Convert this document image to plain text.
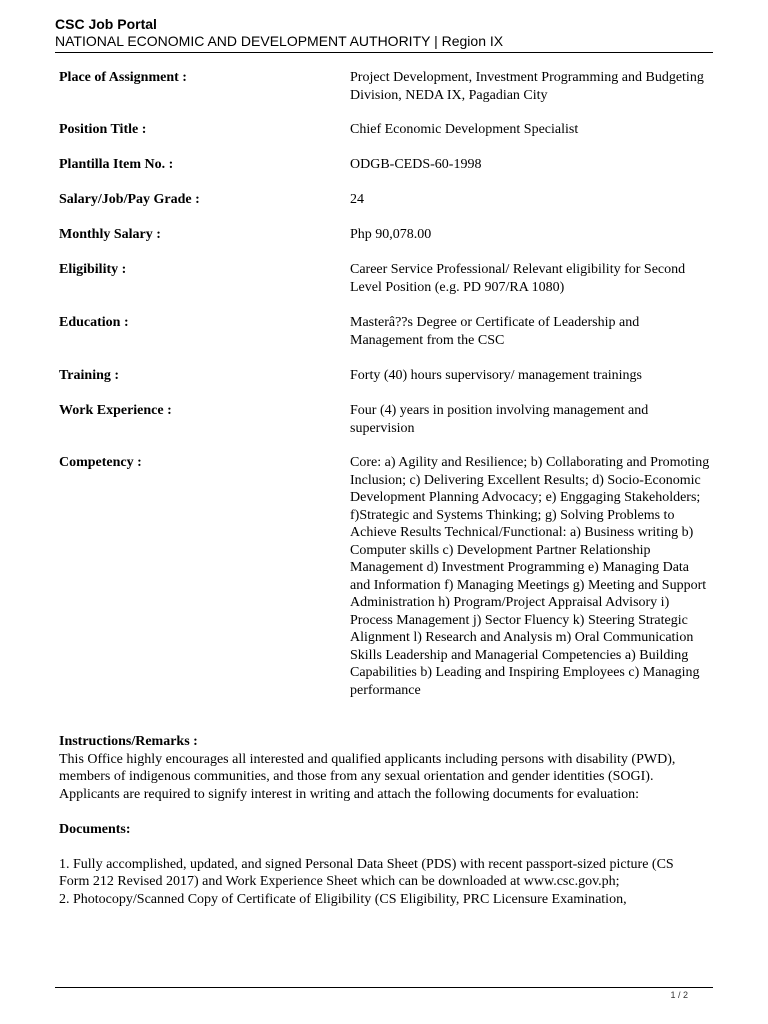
CSC Job Portal

NATIONAL ECONOMIC AND DEVELOPMENT AUTHORITY | Region IX

Place of Assignment :	Project Development, Investment Programming and Budgeting Division, NEDA IX, Pagadian City
Position Title :	Chief Economic Development Specialist
Plantilla Item No. :	ODGB-CEDS-60-1998
Salary/Job/Pay Grade :	24
Monthly Salary :	Php 90,078.00
Eligibility :	Career Service Professional/ Relevant eligibility for Second Level Position (e.g. PD 907/RA 1080)
Education :	Masterâ??s Degree or Certificate of Leadership and Management from the CSC
Training :	Forty (40) hours supervisory/ management trainings
Work Experience :	Four (4) years in position involving management and supervision
Competency :	Core: a) Agility and Resilience; b) Collaborating and Promoting Inclusion; c) Delivering Excellent Results; d) Socio-Economic Development Planning Advocacy; e) Enggaging Stakeholders; f)Strategic and Systems Thinking; g) Solving Problems to Achieve Results Technical/Functional: a) Business writing b) Computer skills c) Development Partner Relationship Management d) Investment Programming e) Managing Data and Information f) Managing Meetings g) Meeting and Support Administration h) Program/Project Appraisal Advisory i) Process Management j) Sector Fluency k) Steering Strategic Alignment l) Research and Analysis m) Oral Communication Skills Leadership and Managerial Competencies a) Building Capabilities b) Leading and Inspiring Employees c) Managing performance

Instructions/Remarks :

This Office highly encourages all interested and qualified applicants including persons with disability (PWD), members of indigenous communities, and those from any sexual orientation and gender identities (SOGI). Applicants are required to signify interest in writing and attach the following documents for evaluation:

Documents:

1. Fully accomplished, updated, and signed Personal Data Sheet (PDS) with recent passport-sized picture (CS Form 212 Revised 2017) and Work Experience Sheet which can be downloaded at www.csc.gov.ph;

2. Photocopy/Scanned Copy of Certificate of Eligibility (CS Eligibility, PRC Licensure Examination,

1 / 2
